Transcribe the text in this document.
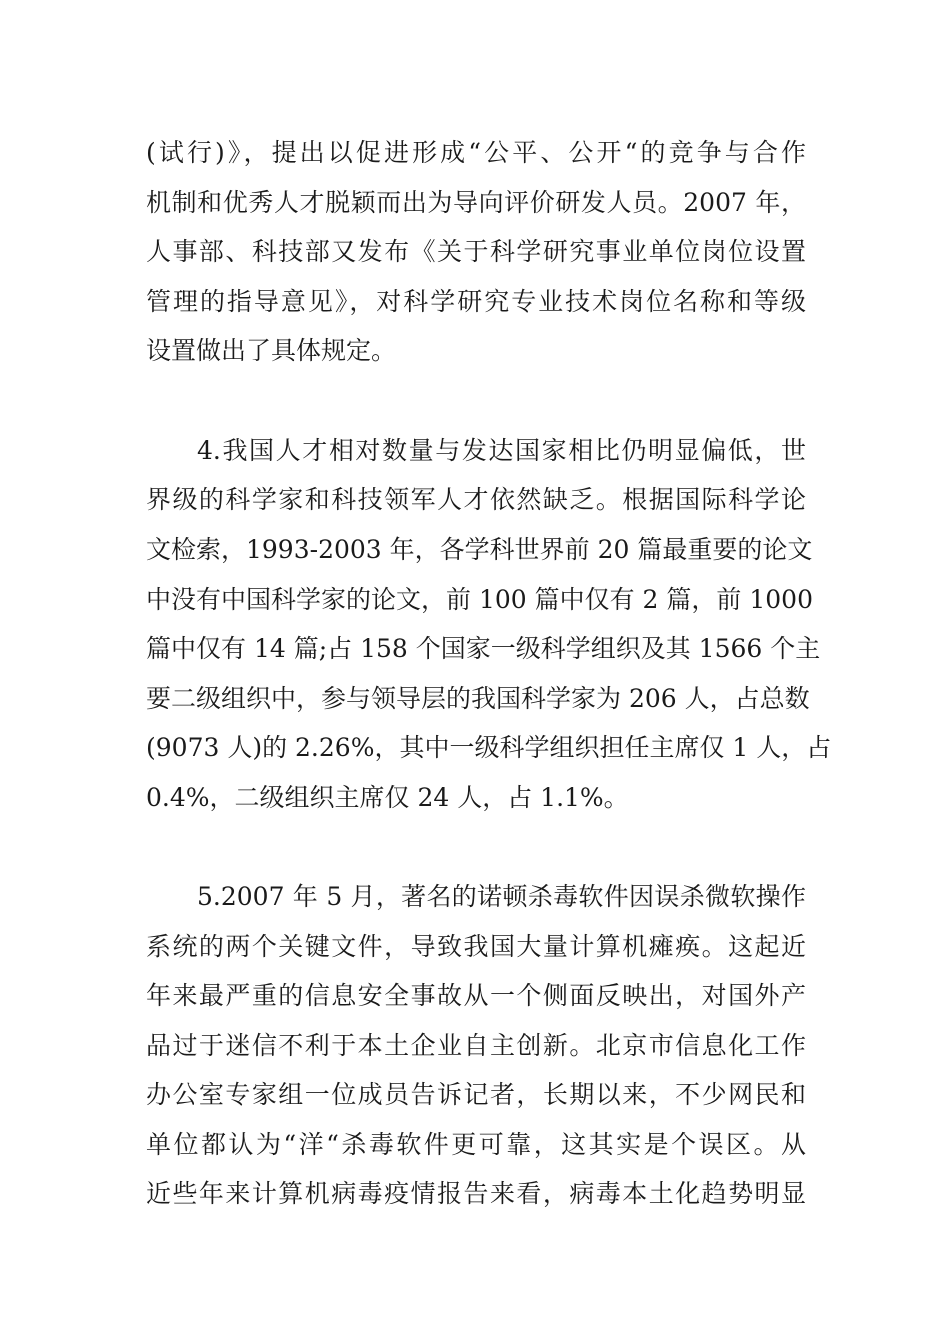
(试行)》，提出以促进形成“公平、公开“的竞争与合作
机制和优秀人才脱颖而出为导向评价研发人员。2007 年，
人事部、科技部又发布《关于科学研究事业单位岗位设置
管理的指导意见》，对科学研究专业技术岗位名称和等级
设置做出了具体规定。
4.我国人才相对数量与发达国家相比仍明显偏低，世
界级的科学家和科技领军人才依然缺乏。根据国际科学论
文检索，1993-2003 年，各学科世界前 20 篇最重要的论文
中没有中国科学家的论文，前 100 篇中仅有 2 篇，前 1000
篇中仅有 14 篇;占 158 个国家一级科学组织及其 1566 个主
要二级组织中，参与领导层的我国科学家为 206 人，占总数
(9073 人)的 2.26%，其中一级科学组织担任主席仅 1 人，占
0.4%，二级组织主席仅 24 人，占 1.1%。
5.2007 年 5 月，著名的诺顿杀毒软件因误杀微软操作
系统的两个关键文件，导致我国大量计算机瘫痪。这起近
年来最严重的信息安全事故从一个侧面反映出，对国外产
品过于迷信不利于本土企业自主创新。北京市信息化工作
办公室专家组一位成员告诉记者，长期以来，不少网民和
单位都认为“洋“杀毒软件更可靠，这其实是个误区。从
近些年来计算机病毒疫情报告来看，病毒本土化趋势明显
